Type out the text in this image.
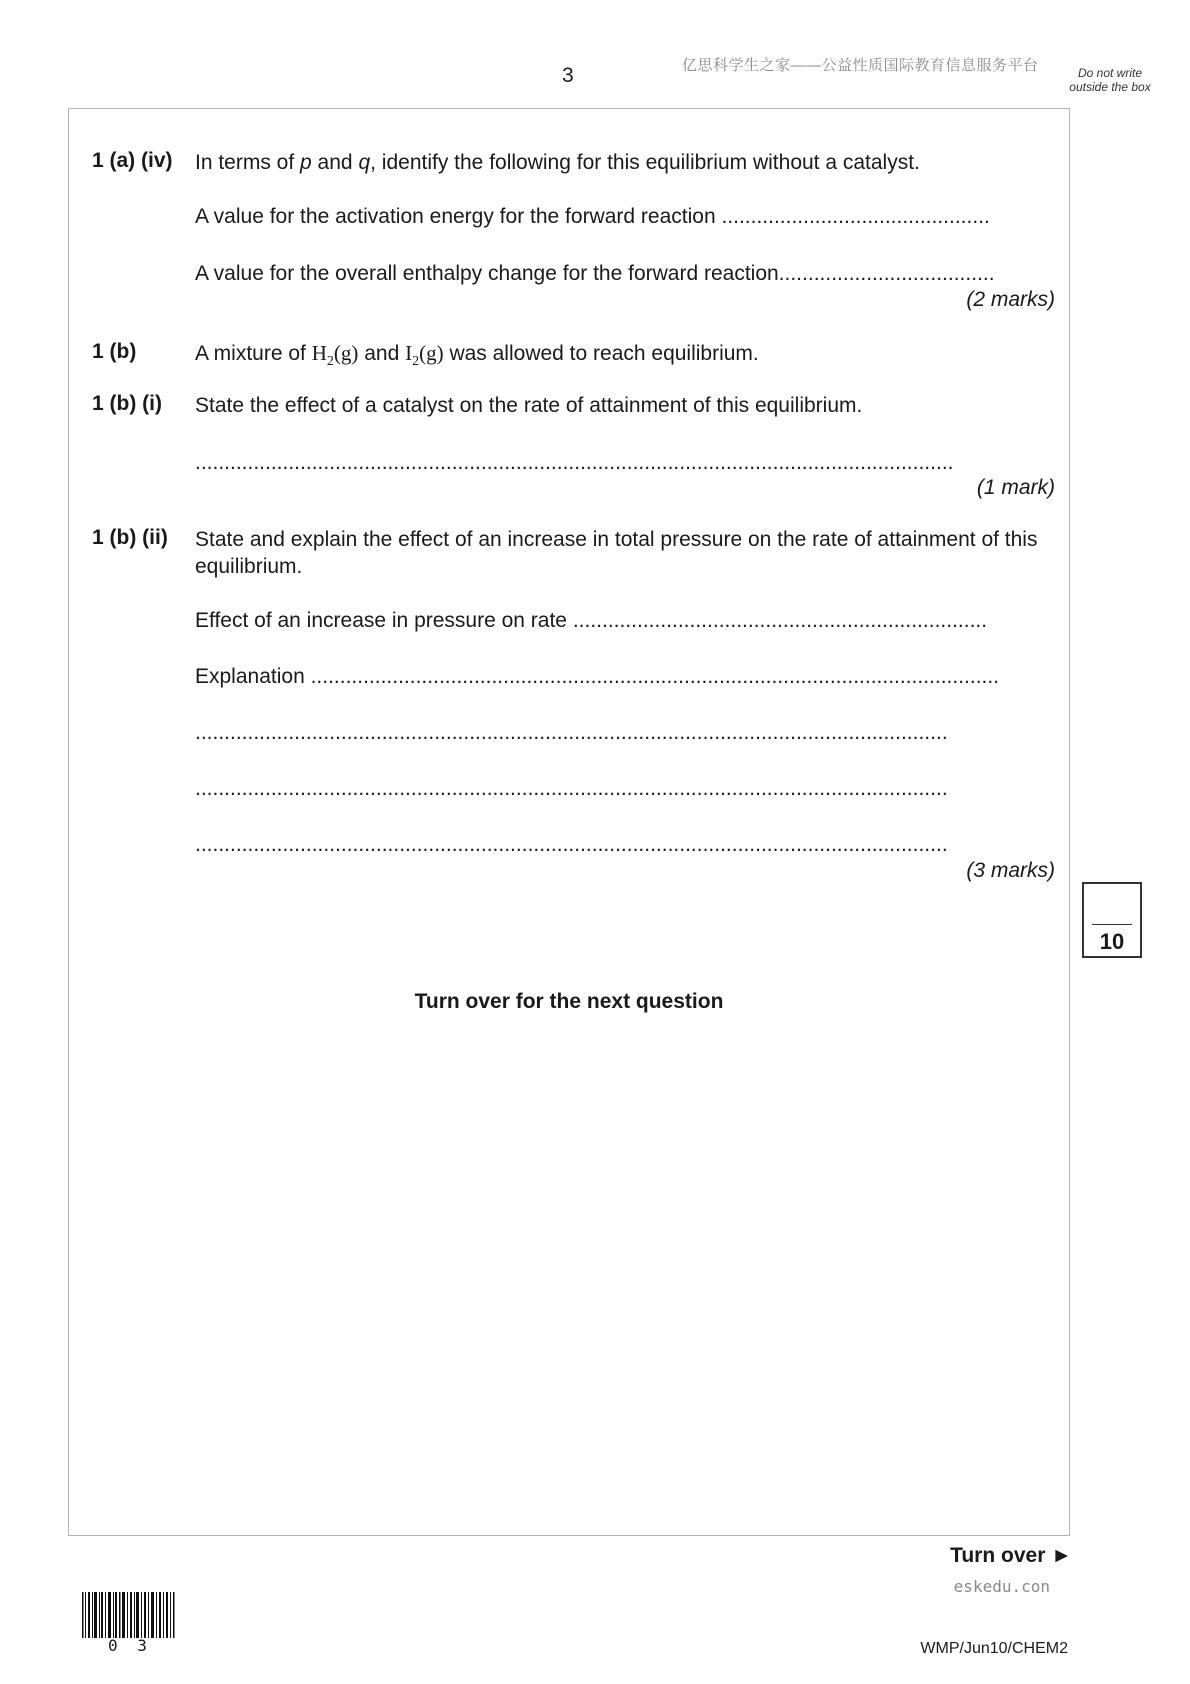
3	亿思科学生之家——公益性质国际教育信息服务平台	Do not write outside the box
1 (a) (iv) In terms of p and q, identify the following for this equilibrium without a catalyst.
A value for the activation energy for the forward reaction ..............................................
A value for the overall enthalpy change for the forward reaction.....................................
(2 marks)
1 (b)	A mixture of $H_2(g)$ and $I_2(g)$ was allowed to reach equilibrium.
1 (b) (i) State the effect of a catalyst on the rate of attainment of this equilibrium.
..................................................................................................................................
(1 mark)
1 (b) (ii) State and explain the effect of an increase in total pressure on the rate of attainment of this equilibrium.
Effect of an increase in pressure on rate .......................................................................
Explanation ......................................................................................................................
.................................................................................................................................
.................................................................................................................................
.................................................................................................................................
(3 marks)
10
Turn over for the next question
Turn over ►
eskedu.con
0 3	WMP/Jun10/CHEM2
